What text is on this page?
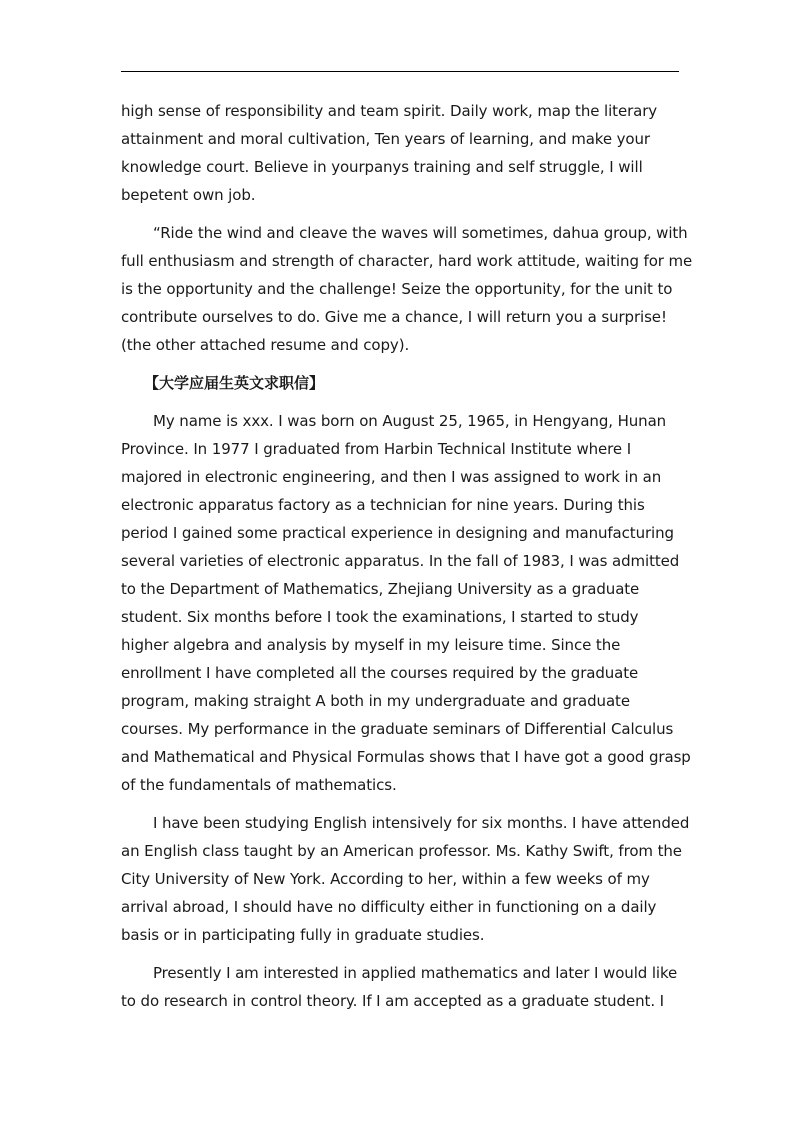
high sense of responsibility and team spirit. Daily work, map the literary
attainment and moral cultivation, Ten years of learning, and make your
knowledge court. Believe in yourpanys training and self struggle, I will
bepetent own job.

“Ride the wind and cleave the waves will sometimes, dahua group, with
full enthusiasm and strength of character, hard work attitude, waiting for me
is the opportunity and the challenge! Seize the opportunity, for the unit to
contribute ourselves to do. Give me a chance, I will return you a surprise!
(the other attached resume and copy).

【大学应届生英文求职信】

My name is xxx. I was born on August 25, 1965, in Hengyang, Hunan
Province. In 1977 I graduated from Harbin Technical Institute where I
majored in electronic engineering, and then I was assigned to work in an
electronic apparatus factory as a technician for nine years. During this
period I gained some practical experience in designing and manufacturing
several varieties of electronic apparatus. In the fall of 1983, I was admitted
to the Department of Mathematics, Zhejiang University as a graduate
student. Six months before I took the examinations, I started to study
higher algebra and analysis by myself in my leisure time. Since the
enrollment I have completed all the courses required by the graduate
program, making straight A both in my undergraduate and graduate
courses. My performance in the graduate seminars of Differential Calculus
and Mathematical and Physical Formulas shows that I have got a good grasp
of the fundamentals of mathematics.

I have been studying English intensively for six months. I have attended
an English class taught by an American professor. Ms. Kathy Swift, from the
City University of New York. According to her, within a few weeks of my
arrival abroad, I should have no difficulty either in functioning on a daily
basis or in participating fully in graduate studies.

Presently I am interested in applied mathematics and later I would like
to do research in control theory. If I am accepted as a graduate student. I
